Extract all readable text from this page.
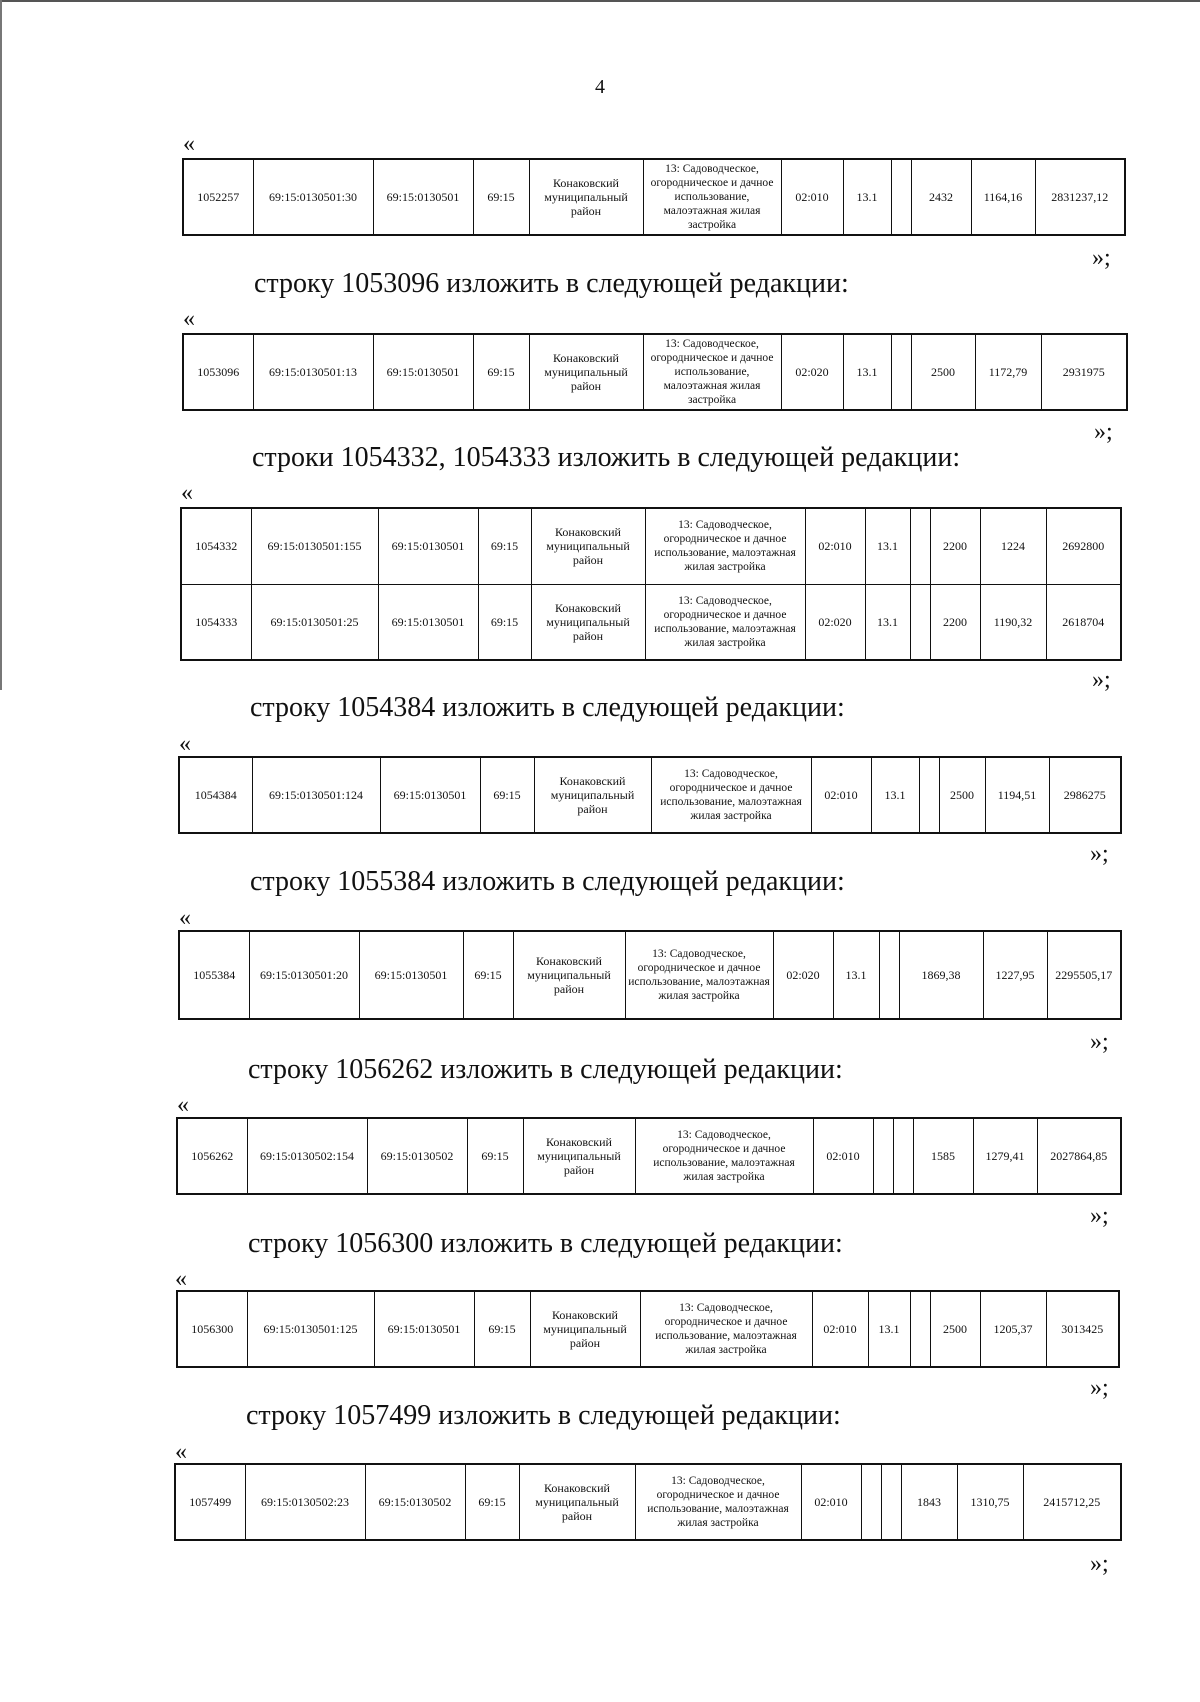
4
«
1052257	69:15:0130501:30	69:15:0130501	69:15	Конаковский муниципальный район	13: Садоводческое, огородническое и дачное использование, малоэтажная жилая застройка	02:010	13.1		2432	1164,16	2831237,12
»;
строку 1053096 изложить в следующей редакции:
«
1053096	69:15:0130501:13	69:15:0130501	69:15	Конаковский муниципальный район	13: Садоводческое, огородническое и дачное использование, малоэтажная жилая застройка	02:020	13.1		2500	1172,79	2931975
»;
строки 1054332, 1054333 изложить в следующей редакции:
«
1054332	69:15:0130501:155	69:15:0130501	69:15	Конаковский муниципальный район	13: Садоводческое, огородническое и дачное использование, малоэтажная жилая застройка	02:010	13.1		2200	1224	2692800
1054333	69:15:0130501:25	69:15:0130501	69:15	Конаковский муниципальный район	13: Садоводческое, огородническое и дачное использование, малоэтажная жилая застройка	02:020	13.1		2200	1190,32	2618704
»;
строку 1054384 изложить в следующей редакции:
«
1054384	69:15:0130501:124	69:15:0130501	69:15	Конаковский муниципальный район	13: Садоводческое, огородническое и дачное использование, малоэтажная жилая застройка	02:010	13.1		2500	1194,51	2986275
»;
строку 1055384 изложить в следующей редакции:
«
1055384	69:15:0130501:20	69:15:0130501	69:15	Конаковский муниципальный район	13: Садоводческое, огородническое и дачное использование, малоэтажная жилая застройка	02:020	13.1		1869,38	1227,95	2295505,17
»;
строку 1056262 изложить в следующей редакции:
«
1056262	69:15:0130502:154	69:15:0130502	69:15	Конаковский муниципальный район	13: Садоводческое, огородническое и дачное использование, малоэтажная жилая застройка	02:010			1585	1279,41	2027864,85
»;
строку 1056300 изложить в следующей редакции:
«
1056300	69:15:0130501:125	69:15:0130501	69:15	Конаковский муниципальный район	13: Садоводческое, огородническое и дачное использование, малоэтажная жилая застройка	02:010	13.1		2500	1205,37	3013425
»;
строку 1057499 изложить в следующей редакции:
«
1057499	69:15:0130502:23	69:15:0130502	69:15	Конаковский муниципальный район	13: Садоводческое, огородническое и дачное использование, малоэтажная жилая застройка	02:010			1843	1310,75	2415712,25
»;
